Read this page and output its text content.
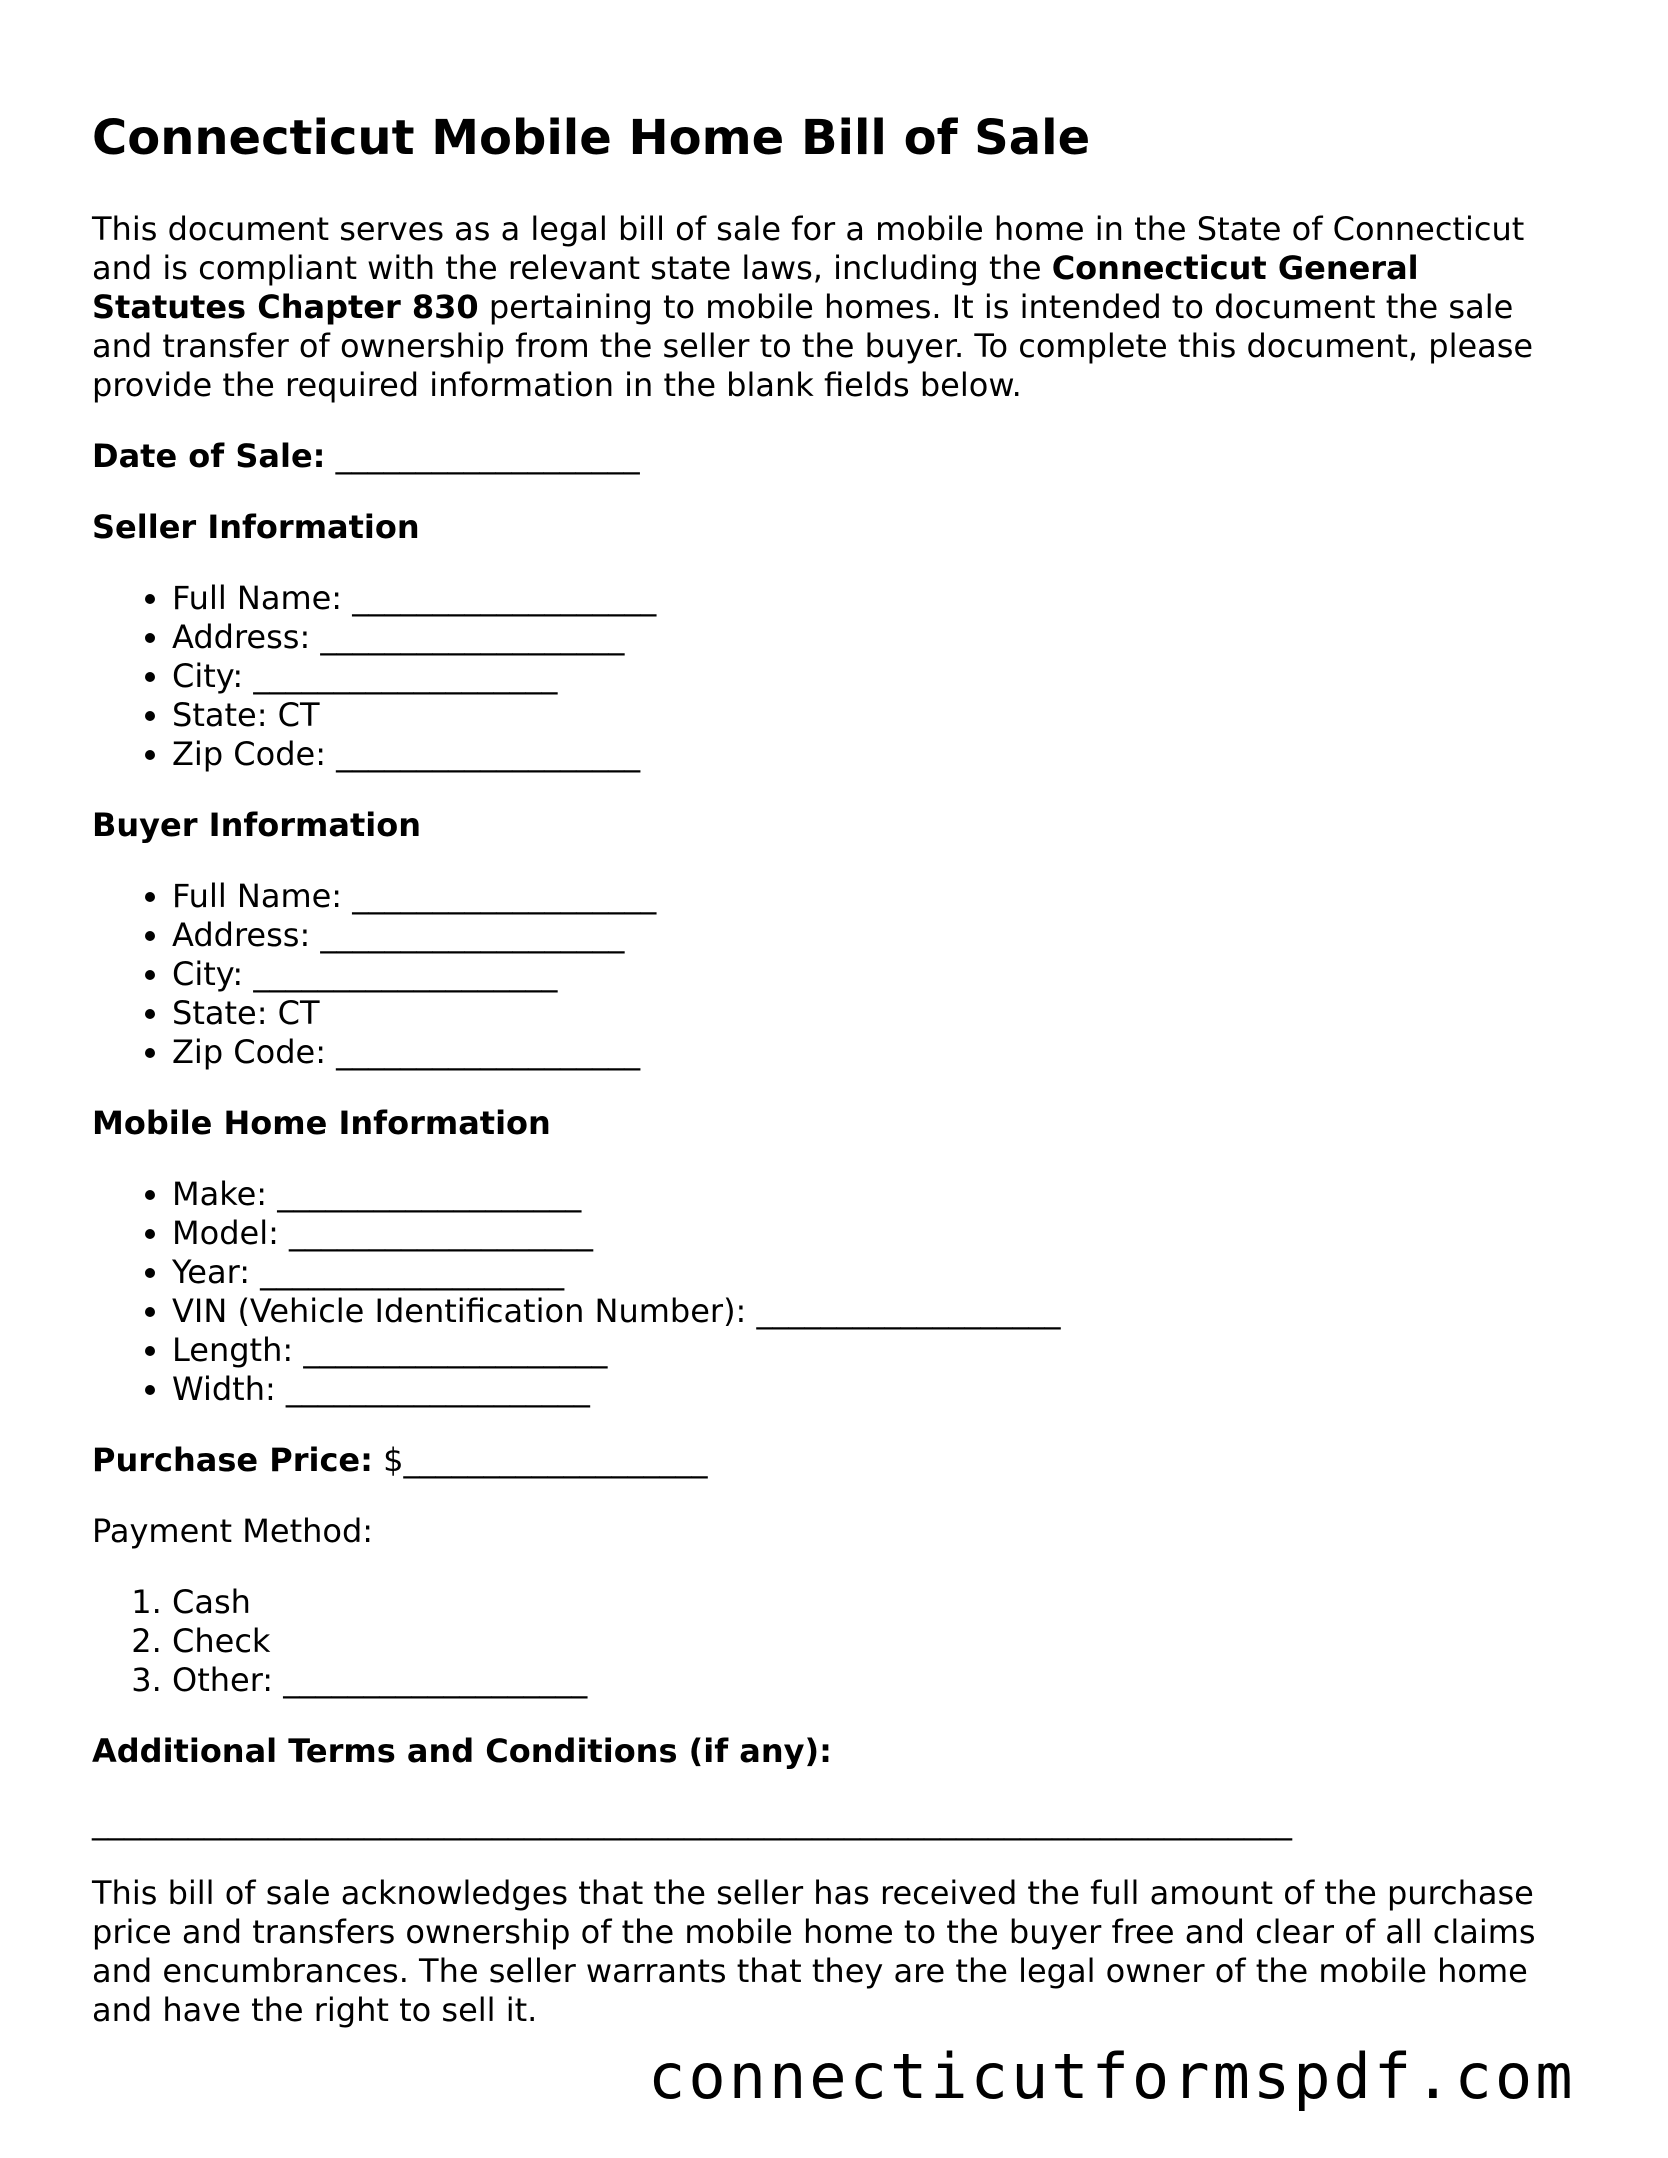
Connecticut Mobile Home Bill of Sale

This document serves as a legal bill of sale for a mobile home in the State of Connecticut and is compliant with the relevant state laws, including the Connecticut General Statutes Chapter 830 pertaining to mobile homes. It is intended to document the sale and transfer of ownership from the seller to the buyer. To complete this document, please provide the required information in the blank fields below.

Date of Sale: ___________________

Seller Information
• Full Name: ___________________
• Address: ___________________
• City: ___________________
• State: CT
• Zip Code: ___________________
Buyer Information
• Full Name: ___________________
• Address: ___________________
• City: ___________________
• State: CT
• Zip Code: ___________________
Mobile Home Information
• Make: ___________________
• Model: ___________________
• Year: ___________________
• VIN (Vehicle Identification Number): ___________________
• Length: ___________________
• Width: ___________________

Purchase Price: $___________________

Payment Method:

1. Cash
2. Check
3. Other: ___________________
Additional Terms and Conditions (if any):
___________________________________________________________________________

This bill of sale acknowledges that the seller has received the full amount of the purchase price and transfers ownership of the mobile home to the buyer free and clear of all claims and encumbrances. The seller warrants that they are the legal owner of the mobile home and have the right to sell it.

connecticutformspdf.com
